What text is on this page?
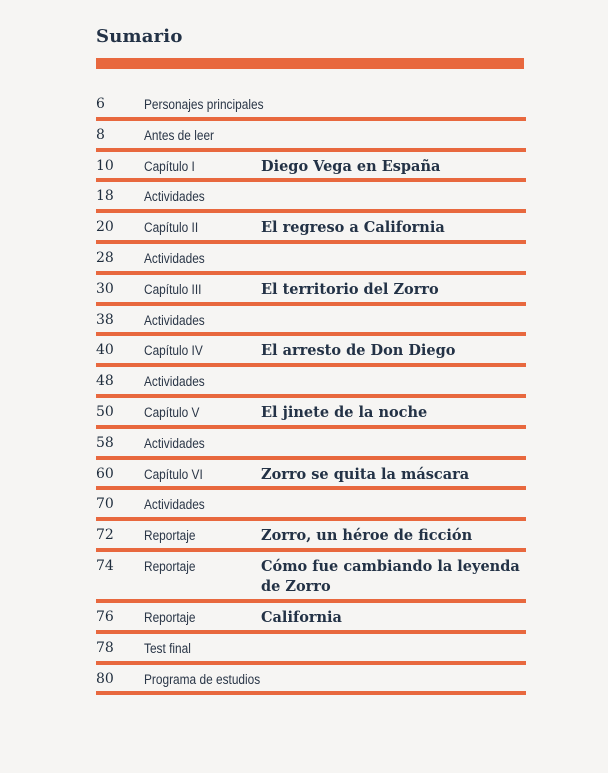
Sumario
6	Personajes principales
8	Antes de leer
10 Capítulo I	Diego Vega en España
18 Actividades
20 Capítulo II	El regreso a California
28 Actividades
30 Capítulo III	El territorio del Zorro
38 Actividades
40 Capítulo IV	El arresto de Don Diego
48 Actividades
50 Capítulo V	El jinete de la noche
58 Actividades
60 Capítulo VI	Zorro se quita la máscara
70 Actividades
72 Reportaje	Zorro, un héroe de ficción
74 Reportaje	Cómo fue cambiando la leyenda de Zorro
76 Reportaje	California
78 Test final
80 Programa de estudios
